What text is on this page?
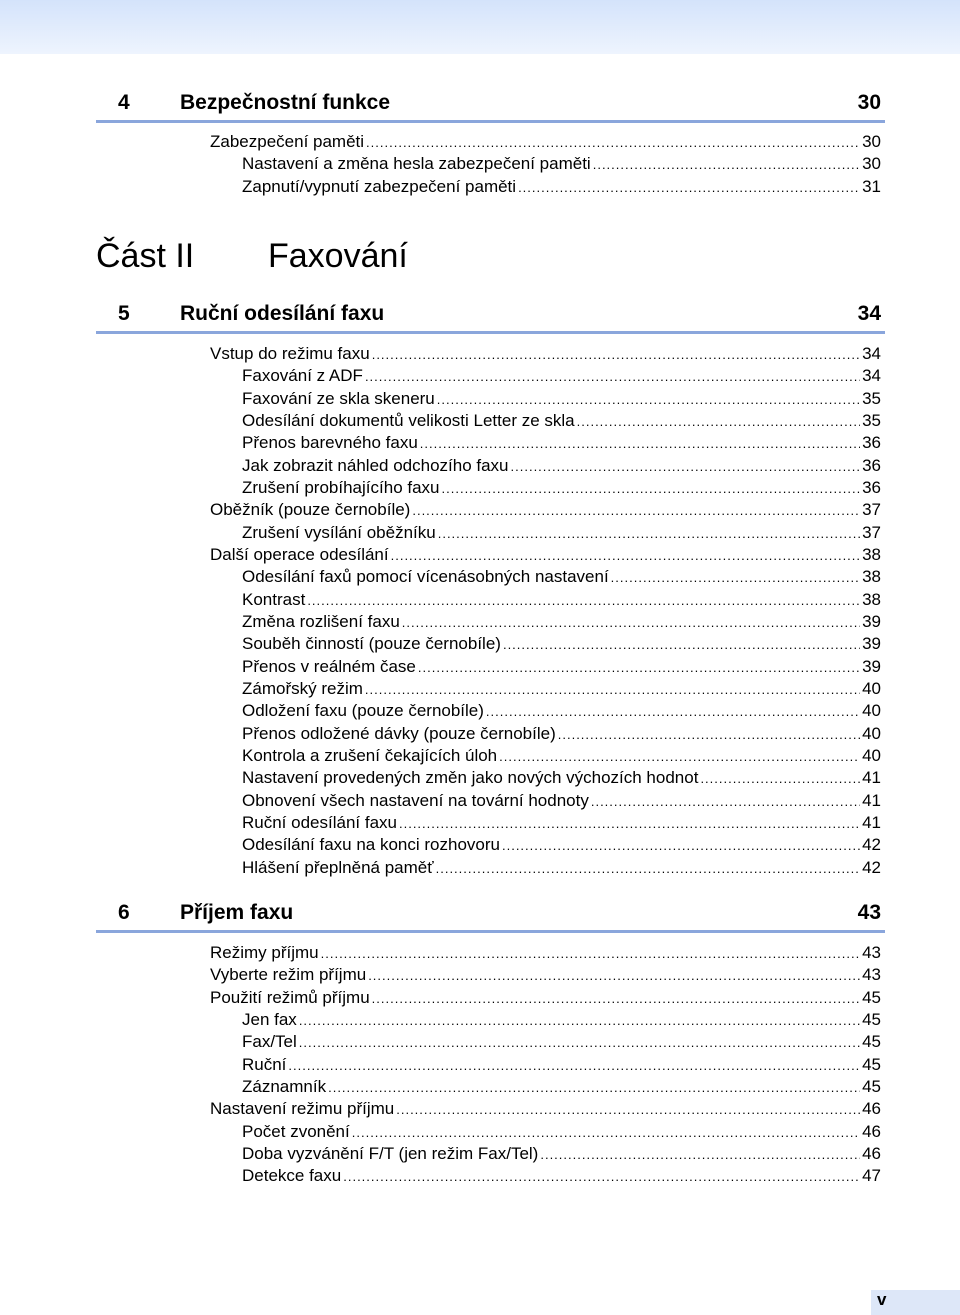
4 Bezpečnostní funkce	30
Zabezpečení paměti .....	30
Nastavení a změna hesla zabezpečení paměti .....	30
Zapnutí/vypnutí zabezpečení paměti .....	31
Část II Faxování
5 Ruční odesílání faxu	34
Vstup do režimu faxu .....	34
Faxování z ADF .....	34
Faxování ze skla skeneru .....	35
Odesílání dokumentů velikosti Letter ze skla .....	35
Přenos barevného faxu .....	36
Jak zobrazit náhled odchozího faxu .....	36
Zrušení probíhajícího faxu .....	36
Oběžník (pouze černobíle) .....	37
Zrušení vysílání oběžníku .....	37
Další operace odesílání .....	38
Odesílání faxů pomocí vícenásobných nastavení .....	38
Kontrast .....	38
Změna rozlišení faxu .....	39
Souběh činností (pouze černobíle) .....	39
Přenos v reálném čase .....	39
Zámořský režim .....	40
Odložení faxu (pouze černobíle) .....	40
Přenos odložené dávky (pouze černobíle) .....	40
Kontrola a zrušení čekajících úloh .....	40
Nastavení provedených změn jako nových výchozích hodnot .....	41
Obnovení všech nastavení na tovární hodnoty .....	41
Ruční odesílání faxu .....	41
Odesílání faxu na konci rozhovoru .....	42
Hlášení přeplněná paměť .....	42
6 Příjem faxu	43
Režimy příjmu .....	43
Vyberte režim příjmu .....	43
Použití režimů příjmu .....	45
Jen fax .....	45
Fax/Tel .....	45
Ruční .....	45
Záznamník .....	45
Nastavení režimu příjmu .....	46
Počet zvonění .....	46
Doba vyzvánění F/T (jen režim Fax/Tel) .....	46
Detekce faxu .....	47
v
